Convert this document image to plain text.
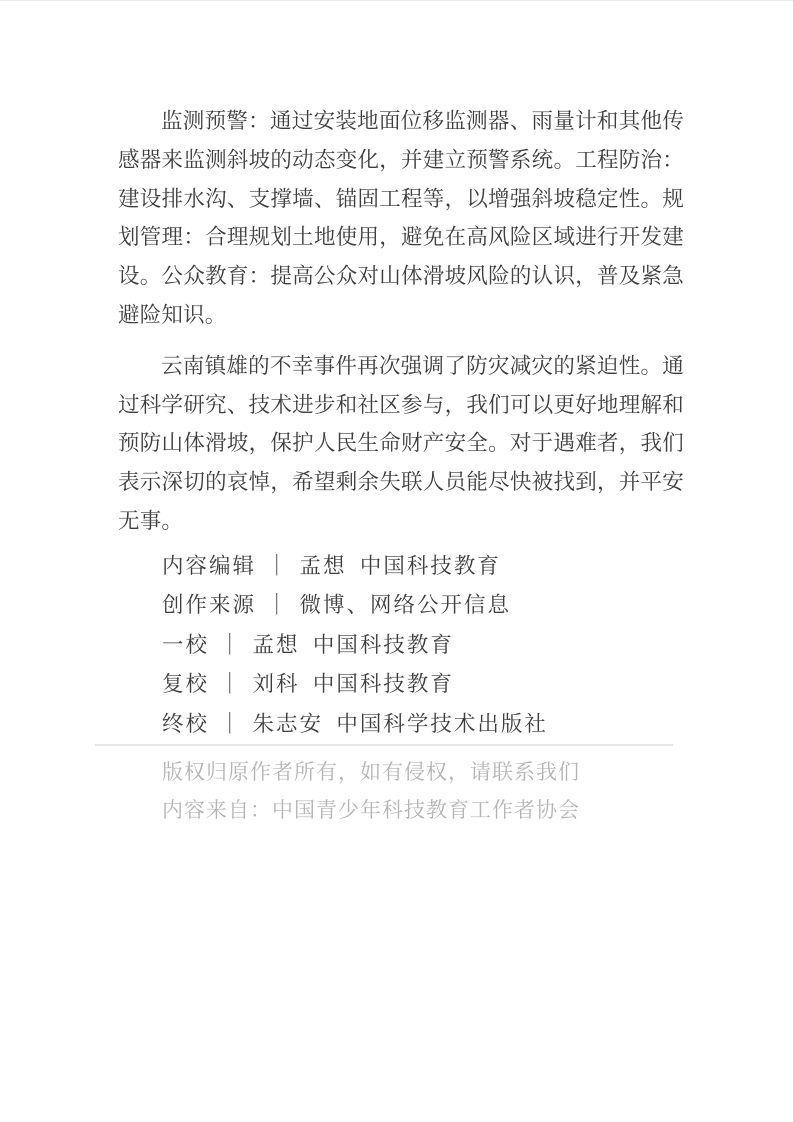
监测预警：通过安装地面位移监测器、雨量计和其他传感器来监测斜坡的动态变化，并建立预警系统。工程防治：建设排水沟、支撑墙、锚固工程等，以增强斜坡稳定性。规划管理：合理规划土地使用，避免在高风险区域进行开发建设。公众教育：提高公众对山体滑坡风险的认识，普及紧急避险知识。

云南镇雄的不幸事件再次强调了防灾减灾的紧迫性。通过科学研究、技术进步和社区参与，我们可以更好地理解和预防山体滑坡，保护人民生命财产安全。对于遇难者，我们表示深切的哀悼，希望剩余失联人员能尽快被找到，并平安无事。

内容编辑 ｜ 孟想 中国科技教育
创作来源 ｜ 微博、网络公开信息
一校 ｜ 孟想 中国科技教育
复校 ｜ 刘科 中国科技教育
终校 ｜ 朱志安 中国科学技术出版社
版权归原作者所有，如有侵权，请联系我们
内容来自：中国青少年科技教育工作者协会
